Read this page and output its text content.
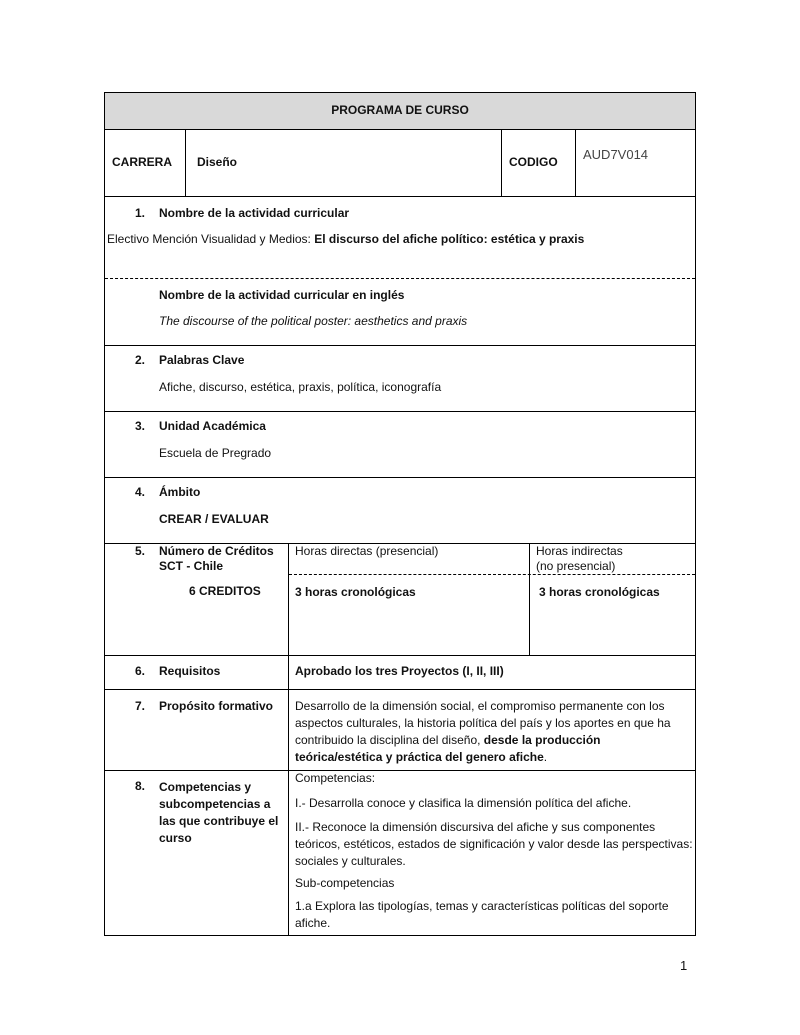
PROGRAMA DE CURSO
CARRERA Diseño	CODIGO AUD7V014
1. Nombre de la actividad curricular
Electivo Mención Visualidad y Medios: El discurso del afiche político: estética y praxis
Nombre de la actividad curricular en inglés
The discourse of the political poster: aesthetics and praxis
2. Palabras Clave
Afiche, discurso, estética, praxis, política, iconografía
3. Unidad Académica
Escuela de Pregrado
4. Ámbito
CREAR / EVALUAR
5. Número de Créditos
SCT - Chile
6 CREDITOS
Horas directas (presencial)	Horas indirectas
(no presencial)
3 horas cronológicas	3 horas cronológicas
6. Requisitos	Aprobado los tres Proyectos (I, II, III)
7. Propósito formativo Desarrollo de la dimensión social, el compromiso permanente con los aspectos culturales, la historia política del país y los aportes en que ha contribuido la disciplina del diseño, desde la producción teórica/estética y práctica del genero afiche.
8. Competencias y subcompetencias a las que contribuye el curso
Competencias:
I.- Desarrolla conoce y clasifica la dimensión política del afiche.
II.- Reconoce la dimensión discursiva del afiche y sus componentes teóricos, estéticos, estados de significación y valor desde las perspectivas: sociales y culturales.
Sub-competencias
1.a Explora las tipologías, temas y características políticas del soporte afiche.
1
